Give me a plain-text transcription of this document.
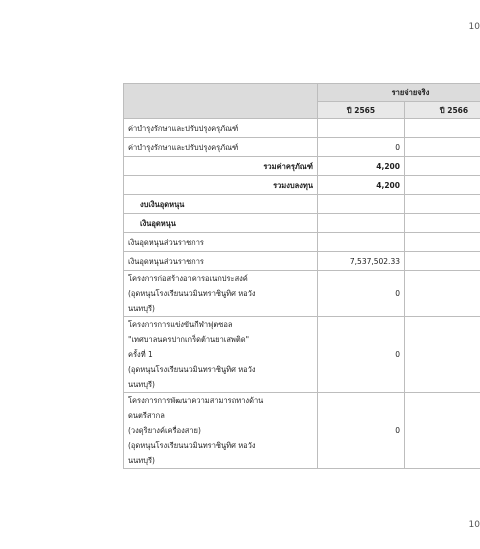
10
	รายจ่ายจริง	
	ปี 2565	ปี 2566
ค่าบำรุงรักษาและปรับปรุงครุภัณฑ์		
ค่าบำรุงรักษาและปรับปรุงครุภัณฑ์	0	
รวมค่าครุภัณฑ์	4,200	
รวมงบลงทุน	4,200	
งบเงินอุดหนุน		
เงินอุดหนุน		
เงินอุดหนุนส่วนราชการ		
เงินอุดหนุนส่วนราชการ	7,537,502.33	

โครงการก่อสร้างอาคารอเนกประสงค์
(อุดหนุนโรงเรียนนวมินทราชินูทิศ หอวัง
นนทบุรี)	0	

โครงการการแข่งขันกีฬาฟุตซอล
"เทศบาลนครปากเกร็ดต้านยาเสพติด"
ครั้งที่ 1
(อุดหนุนโรงเรียนนวมินทราชินูทิศ หอวัง
นนทบุรี)	0	

โครงการการพัฒนาความสามารถทางด้าน
ดนตรีสากล
(วงดุริยางค์เครื่องสาย)
(อุดหนุนโรงเรียนนวมินทราชินูทิศ หอวัง
นนทบุรี)	0	
10
